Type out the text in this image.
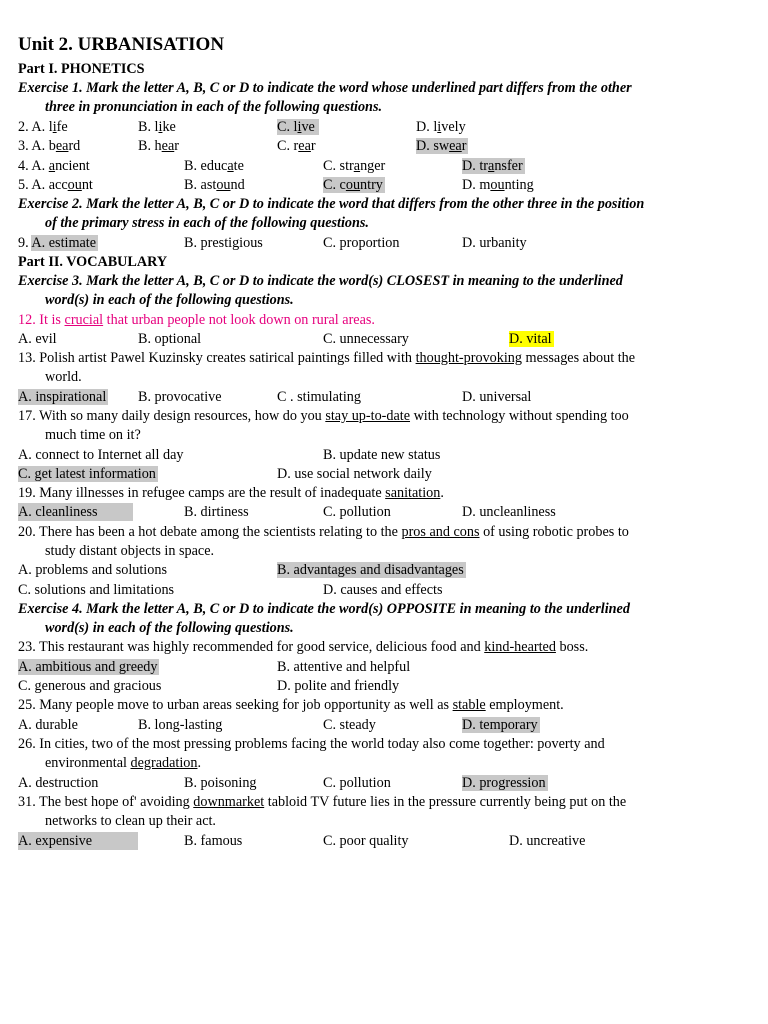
Unit 2. URBANISATION
Part I. PHONETICS
Exercise 1. Mark the letter A, B, C or D to indicate the word whose underlined part differs from the other
three in pronunciation in each of the following questions.
2. A. life	B. like	C. live	D. lively
3. A. beard	B. hear	C. rear	D. swear
4. A. ancient	B. educate	C. stranger	D. transfer
5. A. account	B. astound	C. country	D. mounting
Exercise 2. Mark the letter A, B, C or D to indicate the word that differs from the other three in the position
of the primary stress in each of the following questions.
9. A. estimate	B. prestigious	C. proportion	D. urbanity
Part II. VOCABULARY
Exercise 3. Mark the letter A, B, C or D to indicate the word(s) CLOSEST in meaning to the underlined
word(s) in each of the following questions.
12. It is crucial that urban people not look down on rural areas.
A. evil	B. optional	C. unnecessary	D. vital
13. Polish artist Pawel Kuzinsky creates satirical paintings filled with thought-provoking messages about the
world.
A. inspirational B. provocative	C . stimulating	D. universal
17. With so many daily design resources, how do you stay up-to-date with technology without spending too
much time on it?
A. connect to Internet all day	B. update new status
C. get latest information	D. use social network daily
19. Many illnesses in refugee camps are the result of inadequate sanitation.
A. cleanliness	B. dirtiness	C. pollution	D. uncleanliness
20. There has been a hot debate among the scientists relating to the pros and cons of using robotic probes to
study distant objects in space.
A. problems and solutions	B. advantages and disadvantages
C. solutions and limitations	D. causes and effects
Exercise 4. Mark the letter A, B, C or D to indicate the word(s) OPPOSITE in meaning to the underlined
word(s) in each of the following questions.
23. This restaurant was highly recommended for good service, delicious food and kind-hearted boss.
A. ambitious and greedy	B. attentive and helpful
C. generous and gracious	D. polite and friendly
25. Many people move to urban areas seeking for job opportunity as well as stable employment.
A. durable	B. long-lasting	C. steady	D. temporary
26. In cities, two of the most pressing problems facing the world today also come together: poverty and
environmental degradation.
A. destruction	B. poisoning	C. pollution	D. progression
31. The best hope of' avoiding downmarket tabloid TV future lies in the pressure currently being put on the
networks to clean up their act.
A. expensive	B. famous	C. poor quality	D. uncreative
